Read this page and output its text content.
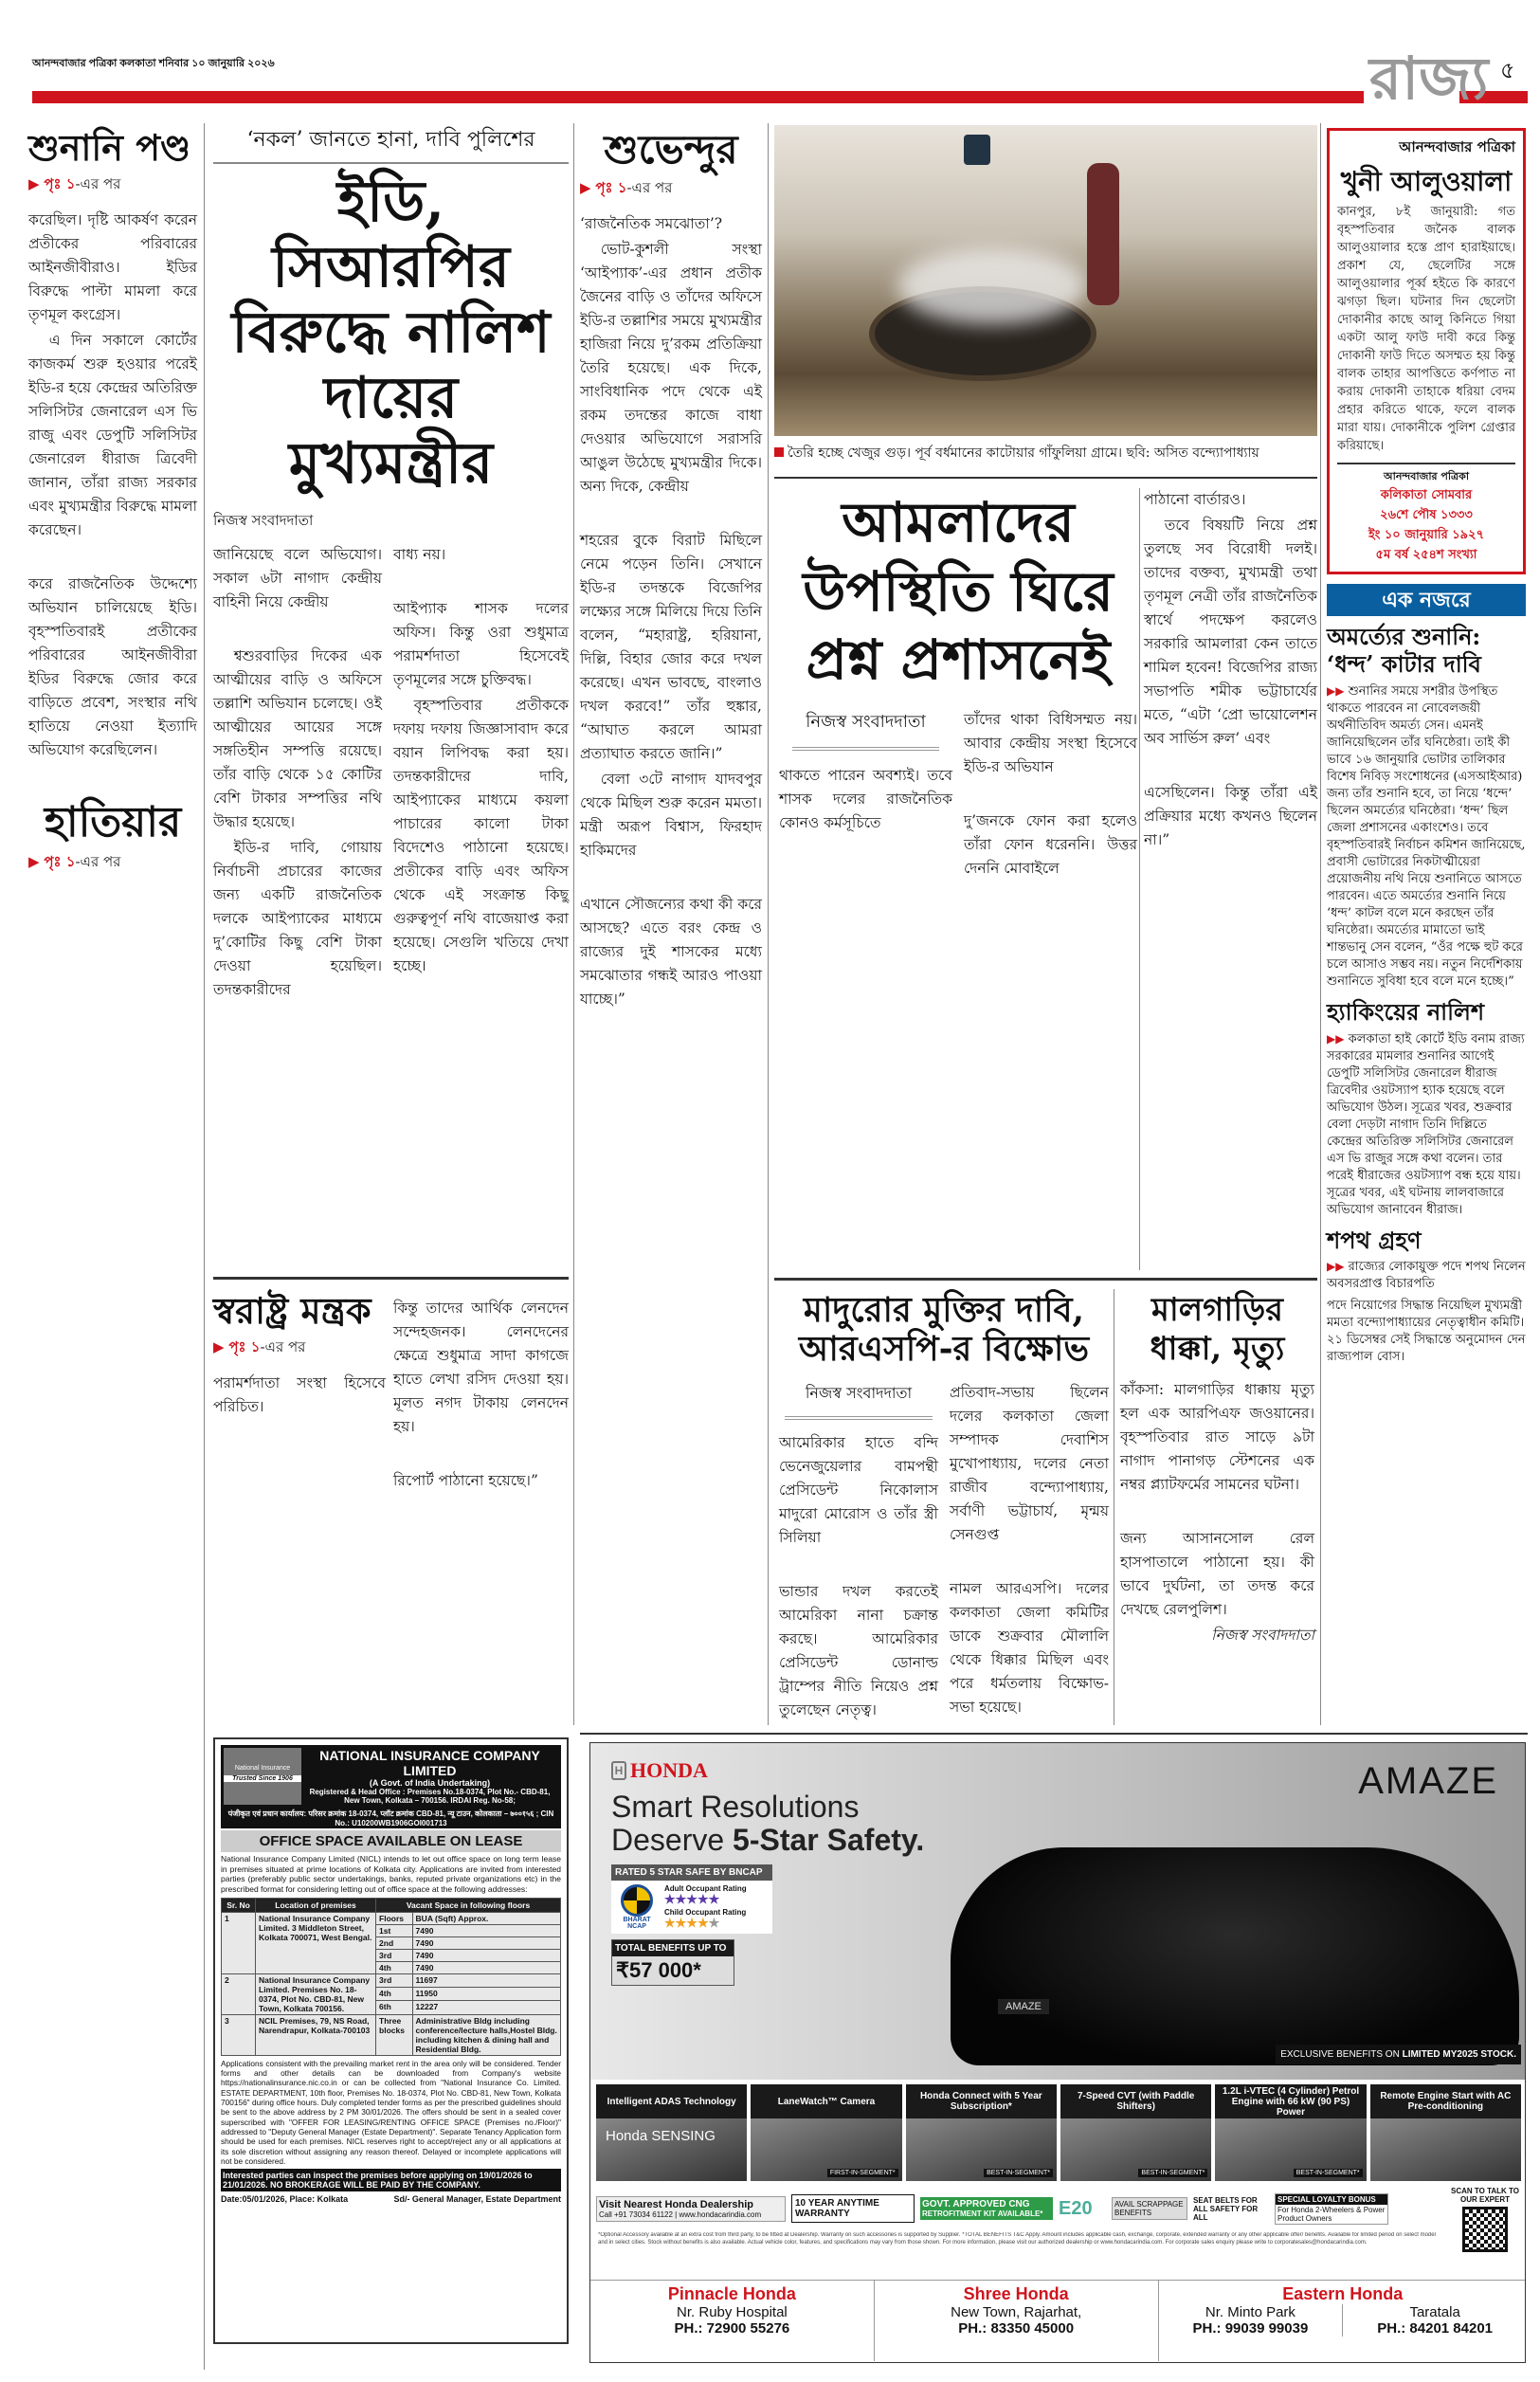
আনন্দবাজার পত্রিকা কলকাতা শনিবার ১০ জানুয়ারি ২০২৬	রাজ্য ৫
শুনানি পণ্ড
▶ পৃঃ ১-এর পর

করেছিল। দৃষ্টি আকর্ষণ করেন প্রতীকের পরিবারের আইনজীবীরাও। ইডির বিরুদ্ধে পাল্টা মামলা করে তৃণমূল কংগ্রেস।

এ দিন সকালে কোর্টের কাজকর্ম শুরু হওয়ার পরেই ইডি-র হয়ে কেন্দ্রের অতিরিক্ত সলিসিটর জেনারেল এস ভি রাজু এবং ডেপুটি সলিসিটর জেনারেল ধীরাজ ত্রিবেদী জানান, তাঁরা রাজ্য সরকার এবং মুখ্যমন্ত্রীর বিরুদ্ধে মামলা করেছেন।

করে রাজনৈতিক উদ্দেশ্যে অভিযান চালিয়েছে ইডি। বৃহস্পতিবারই প্রতীকের পরিবারের আইনজীবীরা ইডির বিরুদ্ধে জোর করে বাড়িতে প্রবেশ, সংস্থার নথি হাতিয়ে নেওয়া ইত্যাদি অভিযোগ করেছিলেন।

হাতিয়ার
▶ পৃঃ ১-এর পর
‘নকল’ জানতে হানা, দাবি পুলিশের
ইডি, সিআরপির বিরুদ্ধে নালিশ দায়ের মুখ্যমন্ত্রীর
নিজস্ব সংবাদদাতা

জানিয়েছে বলে অভিযোগ। সকাল ৬টা নাগাদ কেন্দ্রীয় বাহিনী নিয়ে কেন্দ্রীয়

শ্বশুরবাড়ির দিকের এক আত্মীয়ের বাড়ি ও অফিসে তল্লাশি অভিযান চলেছে। ওই আত্মীয়ের আয়ের সঙ্গে সঙ্গতিহীন সম্পত্তি রয়েছে। তাঁর বাড়ি থেকে ১৫ কোটির বেশি টাকার সম্পত্তির নথি উদ্ধার হয়েছে।

ইডি-র দাবি, গোয়ায় নির্বাচনী প্রচারের কাজের জন্য একটি রাজনৈতিক দলকে আইপ্যাকের মাধ্যমে দু’কোটির কিছু বেশি টাকা দেওয়া হয়েছিল। তদন্তকারীদের

বাধ্য নয়।

আইপ্যাক শাসক দলের অফিস। কিন্তু ওরা শুধুমাত্র পরামর্শদাতা হিসেবেই তৃণমূলের সঙ্গে চুক্তিবদ্ধ।

বৃহস্পতিবার প্রতীককে দফায় দফায় জিজ্ঞাসাবাদ করে বয়ান লিপিবদ্ধ করা হয়। তদন্তকারীদের দাবি, আইপ্যাকের মাধ্যমে কয়লা পাচারের কালো টাকা বিদেশেও পাঠানো হয়েছে। প্রতীকের বাড়ি এবং অফিস থেকে এই সংক্রান্ত কিছু গুরুত্বপূর্ণ নথি বাজেয়াপ্ত করা হয়েছে। সেগুলি খতিয়ে দেখা হচ্ছে।

স্বরাষ্ট্র মন্ত্রক
▶ পৃঃ ১-এর পর

পরামর্শদাতা সংস্থা হিসেবে পরিচিত।

কিন্তু তাদের আর্থিক লেনদেন সন্দেহজনক। লেনদেনের ক্ষেত্রে শুধুমাত্র সাদা কাগজে হাতে লেখা রসিদ দেওয়া হয়। মূলত নগদ টাকায় লেনদেন হয়।

রিপোর্ট পাঠানো হয়েছে।”

National Insurance
Trusted Since 1906
NATIONAL INSURANCE COMPANY LIMITED
(A Govt. of India Undertaking)
Registered & Head Office : Premises No.18-0374, Plot No.- CBD-81, New Town, Kolkata – 700156. IRDAI Reg. No-58;
पंजीकृत एवं प्रधान कार्यालय: परिसर क्रमांक 18-0374, प्लॉट क्रमांक CBD-81, न्यू टाउन, कोलकाता – ७००१५६ ; CIN No.: U10200WB1906GOI001713
OFFICE SPACE AVAILABLE ON LEASE
National Insurance Company Limited (NICL) intends to let out office space on long term lease in premises situated at prime locations of Kolkata city. Applications are invited from interested parties (preferably public sector undertakings, banks, reputed private organizations etc) in the prescribed format for considering letting out of office space at the following addresses:
Sr. No	Location of premises	Vacant Space in following floors	
1	National Insurance Company Limited. 3 Middleton Street, Kolkata 700071, West Bengal.	Floors	BUA (Sqft) Approx.
		1st	7490
		2nd	7490
		3rd	7490
		4th	7490
2	National Insurance Company Limited. Premises No. 18-0374, Plot No. CBD-81, New Town, Kolkata 700156.	3rd	11697
		4th	11950
		6th	12227
3	NCIL Premises, 79, NS Road, Narendrapur, Kolkata-700103	Three blocks	Administrative Bldg including conference/lecture halls,Hostel Bldg. including kitchen & dining hall and Residential Bldg.
Applications consistent with the prevailing market rent in the area only will be considered. Tender forms and other details can be downloaded from Company's website https://nationalinsurance.nic.co.in or can be collected from "National Insurance Co. Limited. ESTATE DEPARTMENT, 10th floor, Premises No. 18-0374, Plot No. CBD-81, New Town, Kolkata 700156" during office hours. Duly completed tender forms as per the prescribed guidelines should be sent to the above address by 2 PM 30/01/2026. The offers should be sent in a sealed cover superscribed with "OFFER FOR LEASING/RENTING OFFICE SPACE (Premises no./Floor)" addressed to "Deputy General Manager (Estate Department)". Separate Tenancy Application form should be used for each premises. NICL reserves right to accept/reject any or all applications at its sole discretion without assigning any reason thereof. Delayed or incomplete applications will not be considered.
Interested parties can inspect the premises before applying on 19/01/2026 to 21/01/2026. NO BROKERAGE WILL BE PAID BY THE COMPANY.
Date:05/01/2026, Place: Kolkata	Sd/- General Manager, Estate Department
শুভেন্দুর
▶ পৃঃ ১-এর পর

‘রাজনৈতিক সমঝোতা’?

ভোট-কুশলী সংস্থা ‘আইপ্যাক’-এর প্রধান প্রতীক জৈনের বাড়ি ও তাঁদের অফিসে ইডি-র তল্লাশির সময়ে মুখ্যমন্ত্রীর হাজিরা নিয়ে দু’রকম প্রতিক্রিয়া তৈরি হয়েছে। এক দিকে, সাংবিধানিক পদে থেকে এই রকম তদন্তের কাজে বাধা দেওয়ার অভিযোগে সরাসরি আঙুল উঠেছে মুখ্যমন্ত্রীর দিকে। অন্য দিকে, কেন্দ্রীয়

শহরের বুকে বিরাট মিছিলে নেমে পড়েন তিনি। সেখানে ইডি-র তদন্তকে বিজেপির লক্ষ্যের সঙ্গে মিলিয়ে দিয়ে তিনি বলেন, “মহারাষ্ট্র, হরিয়ানা, দিল্লি, বিহার জোর করে দখল করেছে। এখন ভাবছে, বাংলাও দখল করবে!” তাঁর হুঙ্কার, “আঘাত করলে আমরা প্রত্যাঘাত করতে জানি।”

বেলা ৩টে নাগাদ যাদবপুর থেকে মিছিল শুরু করেন মমতা। মন্ত্রী অরূপ বিশ্বাস, ফিরহাদ হাকিমদের

এখানে সৌজন্যের কথা কী করে আসছে? এতে বরং কেন্দ্র ও রাজ্যের দুই শাসকের মধ্যে সমঝোতার গন্ধই আরও পাওয়া যাচ্ছে।”

তৈরি হচ্ছে খেজুর গুড়। পূর্ব বর্ধমানের কাটোয়ার গাঁফুলিয়া গ্রামে। ছবি: অসিত বন্দ্যোপাধ্যায়
আমলাদের উপস্থিতি ঘিরে প্রশ্ন প্রশাসনেই
নিজস্ব সংবাদদাতা

থাকতে পারেন অবশ্যই। তবে শাসক দলের রাজনৈতিক কোনও কর্মসূচিতে

তাঁদের থাকা বিধিসম্মত নয়। আবার কেন্দ্রীয় সংস্থা হিসেবে ইডি-র অভিযান

দু’জনকে ফোন করা হলেও তাঁরা ফোন ধরেননি। উত্তর দেননি মোবাইলে

পাঠানো বার্তারও।

তবে বিষয়টি নিয়ে প্রশ্ন তুলছে সব বিরোধী দলই। তাদের বক্তব্য, মুখ্যমন্ত্রী তথা তৃণমূল নেত্রী তাঁর রাজনৈতিক স্বার্থে পদক্ষেপ করলেও সরকারি আমলারা কেন তাতে শামিল হবেন! বিজেপির রাজ্য সভাপতি শমীক ভট্টাচার্যের মতে, “এটা ‘প্রো ভায়োলেশন অব সার্ভিস রুল’ এবং

এসেছিলেন। কিন্তু তাঁরা এই প্রক্রিয়ার মধ্যে কখনও ছিলেন না।”

মাদুরোর মুক্তির দাবি, আরএসপি-র বিক্ষোভ
নিজস্ব সংবাদদাতা

আমেরিকার হাতে বন্দি ভেনেজুয়েলার বামপন্থী প্রেসিডেন্ট নিকোলাস মাদুরো মোরোস ও তাঁর স্ত্রী সিলিয়া

ভান্ডার দখল করতেই আমেরিকা নানা চক্রান্ত করছে। আমেরিকার প্রেসিডেন্ট ডোনাল্ড ট্রাম্পের নীতি নিয়েও প্রশ্ন তুলেছেন নেতৃত্ব।

প্রতিবাদ-সভায় ছিলেন দলের কলকাতা জেলা সম্পাদক দেবাশিস মুখোপাধ্যায়, দলের নেতা রাজীব বন্দ্যোপাধ্যায়, সর্বাণী ভট্টাচার্য, মৃন্ময় সেনগুপ্ত

নামল আরএসপি। দলের কলকাতা জেলা কমিটির ডাকে শুক্রবার মৌলালি থেকে ধিক্কার মিছিল এবং পরে ধর্মতলায় বিক্ষোভ-সভা হয়েছে।

মালগাড়ির ধাক্কা, মৃত্যু

কাঁকসা: মালগাড়ির ধাক্কায় মৃত্যু হল এক আরপিএফ জওয়ানের। বৃহস্পতিবার রাত সাড়ে ৯টা নাগাদ পানাগড় স্টেশনের এক নম্বর প্ল্যাটফর্মের সামনের ঘটনা।

জন্য আসানসোল রেল হাসপাতালে পাঠানো হয়। কী ভাবে দুর্ঘটনা, তা তদন্ত করে দেখছে রেলপুলিশ।

নিজস্ব সংবাদদাতা
আনন্দবাজার পত্রিকা
খুনী আলুওয়ালা
কানপুর, ৮ই জানুয়ারী: গত বৃহস্পতিবার জনৈক বালক আলুওয়ালার হস্তে প্রাণ হারাইয়াছে। প্রকাশ যে, ছেলেটির সঙ্গে আলুওয়ালার পূর্ব্ব হইতে কি কারণে ঝগড়া ছিল। ঘটনার দিন ছেলেটা দোকানীর কাছে আলু কিনিতে গিয়া একটা আলু ফাউ দাবী করে কিন্তু দোকানী ফাউ দিতে অসম্মত হয় কিন্তু বালক তাহার আপত্তিতে কর্ণপাত না করায় দোকানী তাহাকে ধরিয়া বেদম প্রহার করিতে থাকে, ফলে বালক মারা যায়। দোকানীকে পুলিশ গ্রেপ্তার করিয়াছে।
আনন্দবাজার পত্রিকা
কলিকাতা সোমবার
২৬শে পৌষ ১৩৩৩
ইং ১০ জানুয়ারি ১৯২৭
৫ম বর্ষ ২৫৪শ সংখ্যা
এক নজরে
অমর্ত্যের শুনানি: ‘ধন্দ’ কাটার দাবি
▶▶ শুনানির সময়ে সশরীর উপস্থিত থাকতে পারবেন না নোবেলজয়ী অর্থনীতিবিদ অমর্ত্য সেন। এমনই জানিয়েছিলেন তাঁর ঘনিষ্ঠেরা। তাই কী ভাবে ১৬ জানুয়ারি ভোটার তালিকার বিশেষ নিবিড় সংশোধনের (এসআইআর) জন্য তাঁর শুনানি হবে, তা নিয়ে ‘ধন্দে’ ছিলেন অমর্ত্যের ঘনিষ্ঠেরা। ‘ধন্দ’ ছিল জেলা প্রশাসনের একাংশেও। তবে বৃহস্পতিবারই নির্বাচন কমিশন জানিয়েছে, প্রবাসী ভোটারের নিকটাত্মীয়েরা প্রয়োজনীয় নথি নিয়ে শুনানিতে আসতে পারবেন। এতে অমর্ত্যের শুনানি নিয়ে ‘ধন্দ’ কাটল বলে মনে করছেন তাঁর ঘনিষ্ঠেরা। অমর্ত্যের মামাতো ভাই শান্তভানু সেন বলেন, “ওঁর পক্ষে হুট করে চলে আসাও সম্ভব নয়। নতুন নির্দেশিকায় শুনানিতে সুবিধা হবে বলে মনে হচ্ছে।”
হ্যাকিংয়ের নালিশ
▶▶ কলকাতা হাই কোর্টে ইডি বনাম রাজ্য সরকারের মামলার শুনানির আগেই ডেপুটি সলিসিটর জেনারেল ধীরাজ ত্রিবেদীর ওয়টস্যাপ হ্যাক হয়েছে বলে অভিযোগ উঠল। সূত্রের খবর, শুক্রবার বেলা দেড়টা নাগাদ তিনি দিল্লিতে কেন্দ্রের অতিরিক্ত সলিসিটর জেনারেল এস ভি রাজুর সঙ্গে কথা বলেন। তার পরেই ধীরাজের ওয়টস্যাপ বন্ধ হয়ে যায়। সূত্রের খবর, এই ঘটনায় লালবাজারে অভিযোগ জানাবেন ধীরাজ।
শপথ গ্রহণ
▶▶ রাজ্যের লোকায়ুক্ত পদে শপথ নিলেন অবসরপ্রাপ্ত বিচারপতি
পদে নিয়োগের সিদ্ধান্ত নিয়েছিল মুখ্যমন্ত্রী মমতা বন্দ্যোপাধ্যায়ের নেতৃত্বাধীন কমিটি। ২১ ডিসেম্বর সেই সিদ্ধান্তে অনুমোদন দেন রাজ্যপাল বোস।
AMAZE
AMAZE
EXCLUSIVE BENEFITS ON LIMITED MY2025 STOCK.
H HONDA
Smart Resolutions
Deserve 5-Star Safety.
RATED 5 STAR SAFE BY BNCAP
BHARAT NCAP
Adult Occupant Rating
★★★★★
Child Occupant Rating
★★★★★
TOTAL BENEFITS UP TO
₹57 000*
Intelligent ADAS Technology
Honda SENSING
LaneWatch™ Camera
FIRST-IN-SEGMENT*
Honda Connect with 5 Year Subscription*
BEST-IN-SEGMENT*
7-Speed CVT (with Paddle Shifters)
BEST-IN-SEGMENT*
1.2L i-VTEC (4 Cylinder) Petrol Engine with 66 kW (90 PS) Power
BEST-IN-SEGMENT*
Remote Engine Start with AC Pre-conditioning
Visit Nearest Honda Dealership
Call +91 73034 61122 | www.hondacarindia.com
10 YEAR ANYTIME WARRANTY
GOVT. APPROVED CNG
RETROFITMENT KIT AVAILABLE* E20	AVAIL SCRAPPAGE BENEFITS
SEAT BELTS FOR ALL SAFETY FOR ALL
SPECIAL LOYALTY BONUS
For Honda 2-Wheelers & Power Product Owners
SCAN TO TALK TO OUR EXPERT
*Optional Accessory available at an extra cost from third party, to be fitted at Dealership. Warranty on such accessories is supported by Supplier. *TOTAL BENEFITS T&C Apply. Amount includes applicable cash, exchange, corporate, extended warranty or any other applicable offer/ benefits. Available for limited period on select model and in select cities. Stock without benefits is also available. Actual vehicle color, features, and specifications may vary from those shown. For more information, please visit our authorized dealership or www.hondacarindia.com. For corporate sales enquiry please write to corporatesales@hondacarindia.com.
Pinnacle Honda
Nr. Ruby Hospital
PH.: 72900 55276
Shree Honda
New Town, Rajarhat,
PH.: 83350 45000
Eastern Honda
Nr. Minto Park
PH.: 99039 99039
Taratala
PH.: 84201 84201
